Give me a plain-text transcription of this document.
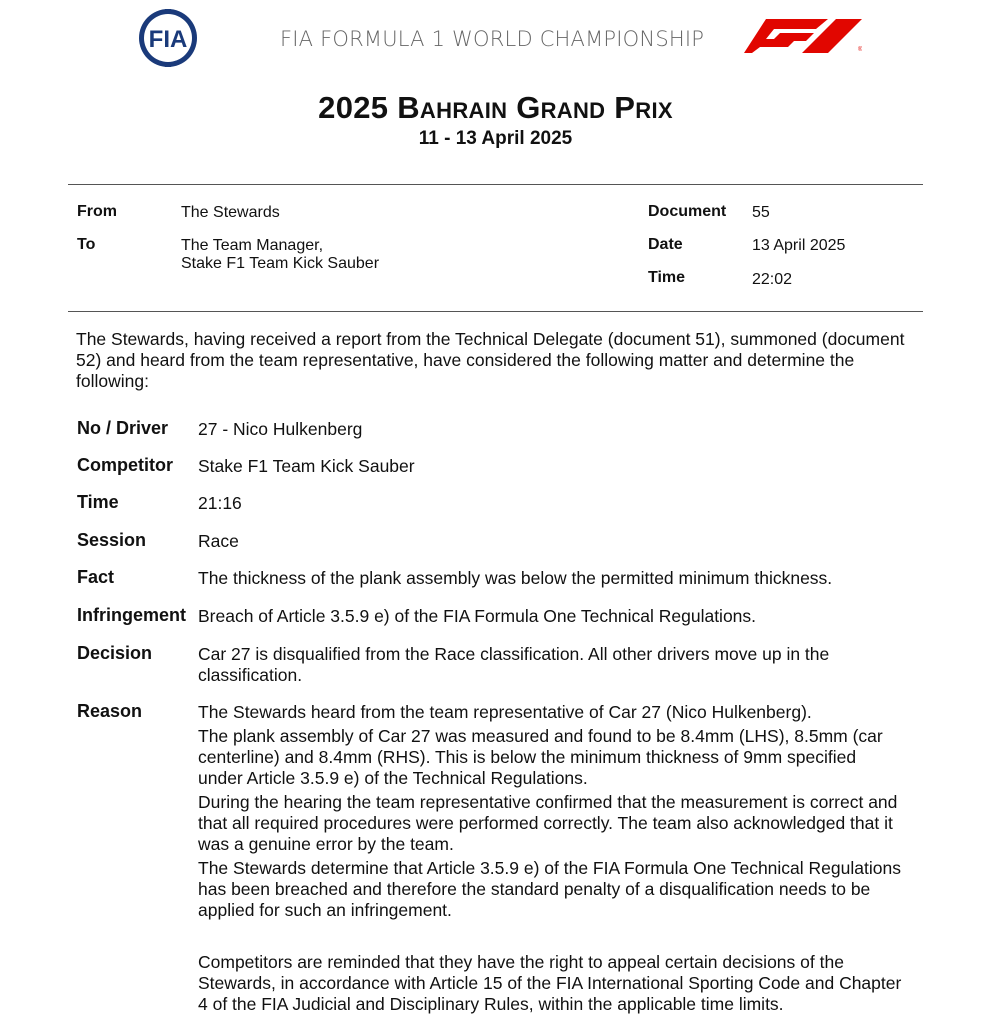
FIA	FIA FORMULA 1 WORLD CHAMPIONSHIP	®
2025 Bahrain Grand Prix
11 - 13 April 2025
From	The Stewards
To	The Team Manager,
Stake F1 Team Kick Sauber
Document 55
Date	13 April 2025
Time	22:02
The Stewards, having received a report from the Technical Delegate (document 51), summoned (document 52) and heard from the team representative, have considered the following matter and determine the following:
No / Driver 27 - Nico Hulkenberg
Competitor Stake F1 Team Kick Sauber
Time	21:16
Session	Race
Fact	The thickness of the plank assembly was below the permitted minimum thickness.
Infringement Breach of Article 3.5.9 e) of the FIA Formula One Technical Regulations.
Decision	Car 27 is disqualified from the Race classification. All other drivers move up in the classification.
Reason	The Stewards heard from the team representative of Car 27 (Nico Hulkenberg).

The plank assembly of Car 27 was measured and found to be 8.4mm (LHS), 8.5mm (car centerline) and 8.4mm (RHS). This is below the minimum thickness of 9mm specified under Article 3.5.9 e) of the Technical Regulations.

During the hearing the team representative confirmed that the measurement is correct and that all required procedures were performed correctly. The team also acknowledged that it was a genuine error by the team.

The Stewards determine that Article 3.5.9 e) of the FIA Formula One Technical Regulations has been breached and therefore the standard penalty of a disqualification needs to be applied for such an infringement.

Competitors are reminded that they have the right to appeal certain decisions of the Stewards, in accordance with Article 15 of the FIA International Sporting Code and Chapter 4 of the FIA Judicial and Disciplinary Rules, within the applicable time limits.
